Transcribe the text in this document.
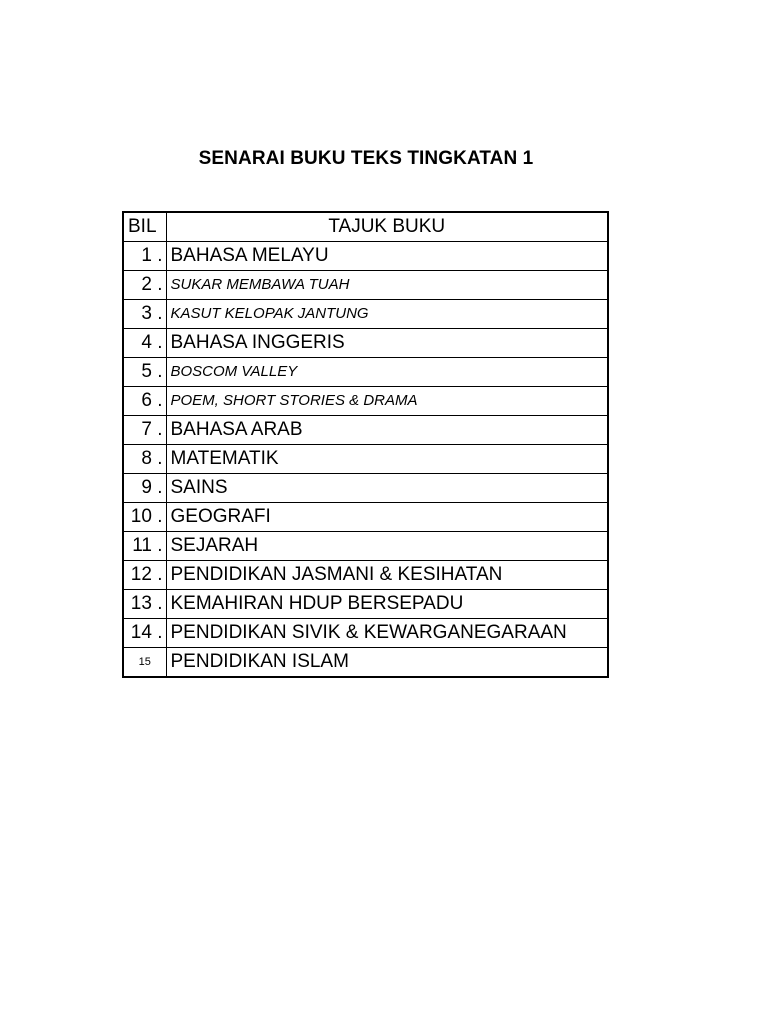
SENARAI BUKU TEKS TINGKATAN 1
BIL	TAJUK BUKU
1 .	BAHASA MELAYU
2 .	SUKAR MEMBAWA TUAH
3 .	KASUT KELOPAK JANTUNG
4 .	BAHASA INGGERIS
5 .	BOSCOM VALLEY
6 .	POEM, SHORT STORIES & DRAMA
7 .	BAHASA ARAB
8 .	MATEMATIK
9 .	SAINS
10 .	GEOGRAFI
11 .	SEJARAH
12 .	PENDIDIKAN JASMANI & KESIHATAN
13 .	KEMAHIRAN HDUP BERSEPADU
14 .	PENDIDIKAN SIVIK & KEWARGANEGARAAN
15	PENDIDIKAN ISLAM
